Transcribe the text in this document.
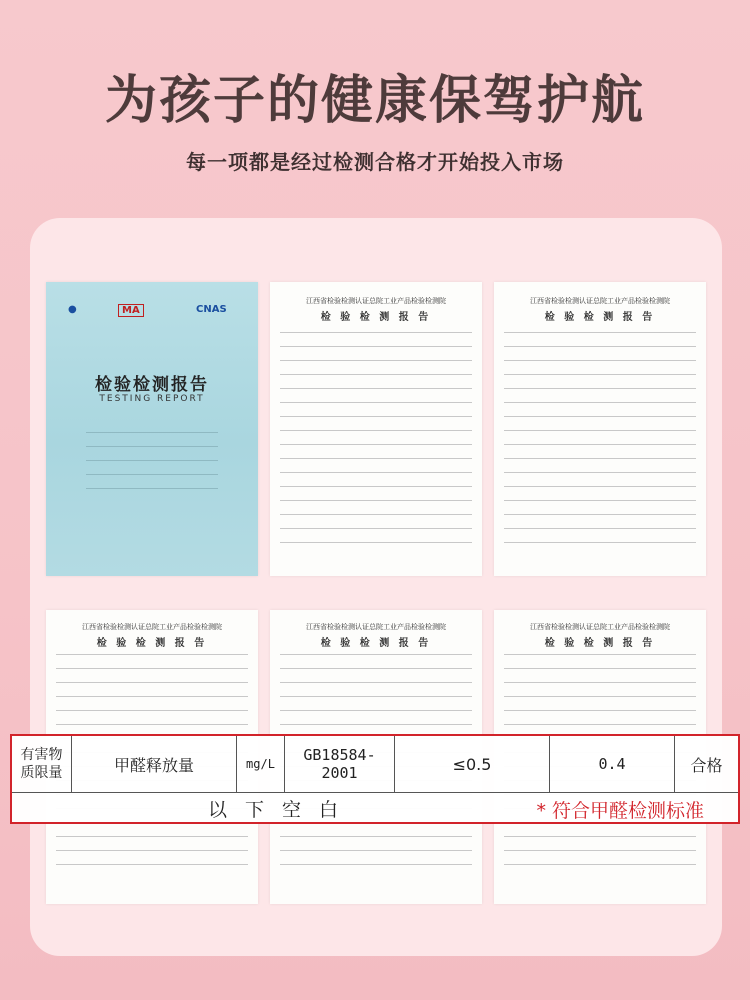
为孩子的健康保驾护航
每一项都是经过检测合格才开始投入市场
●	MA	CNAS
检验检测报告
TESTING REPORT
江西省检验检测认证总院工业产品检验检测院
检 验 检 测 报 告
江西省检验检测认证总院工业产品检验检测院
检 验 检 测 报 告
江西省检验检测认证总院工业产品检验检测院
检 验 检 测 报 告
江西省检验检测认证总院工业产品检验检测院
检 验 检 测 报 告
江西省检验检测认证总院工业产品检验检测院
检 验 检 测 报 告
有害物质限量	甲醛释放量	mg/L	GB18584-2001	≤0.5	0.4	合格
以下空白	* 符合甲醛检测标准
